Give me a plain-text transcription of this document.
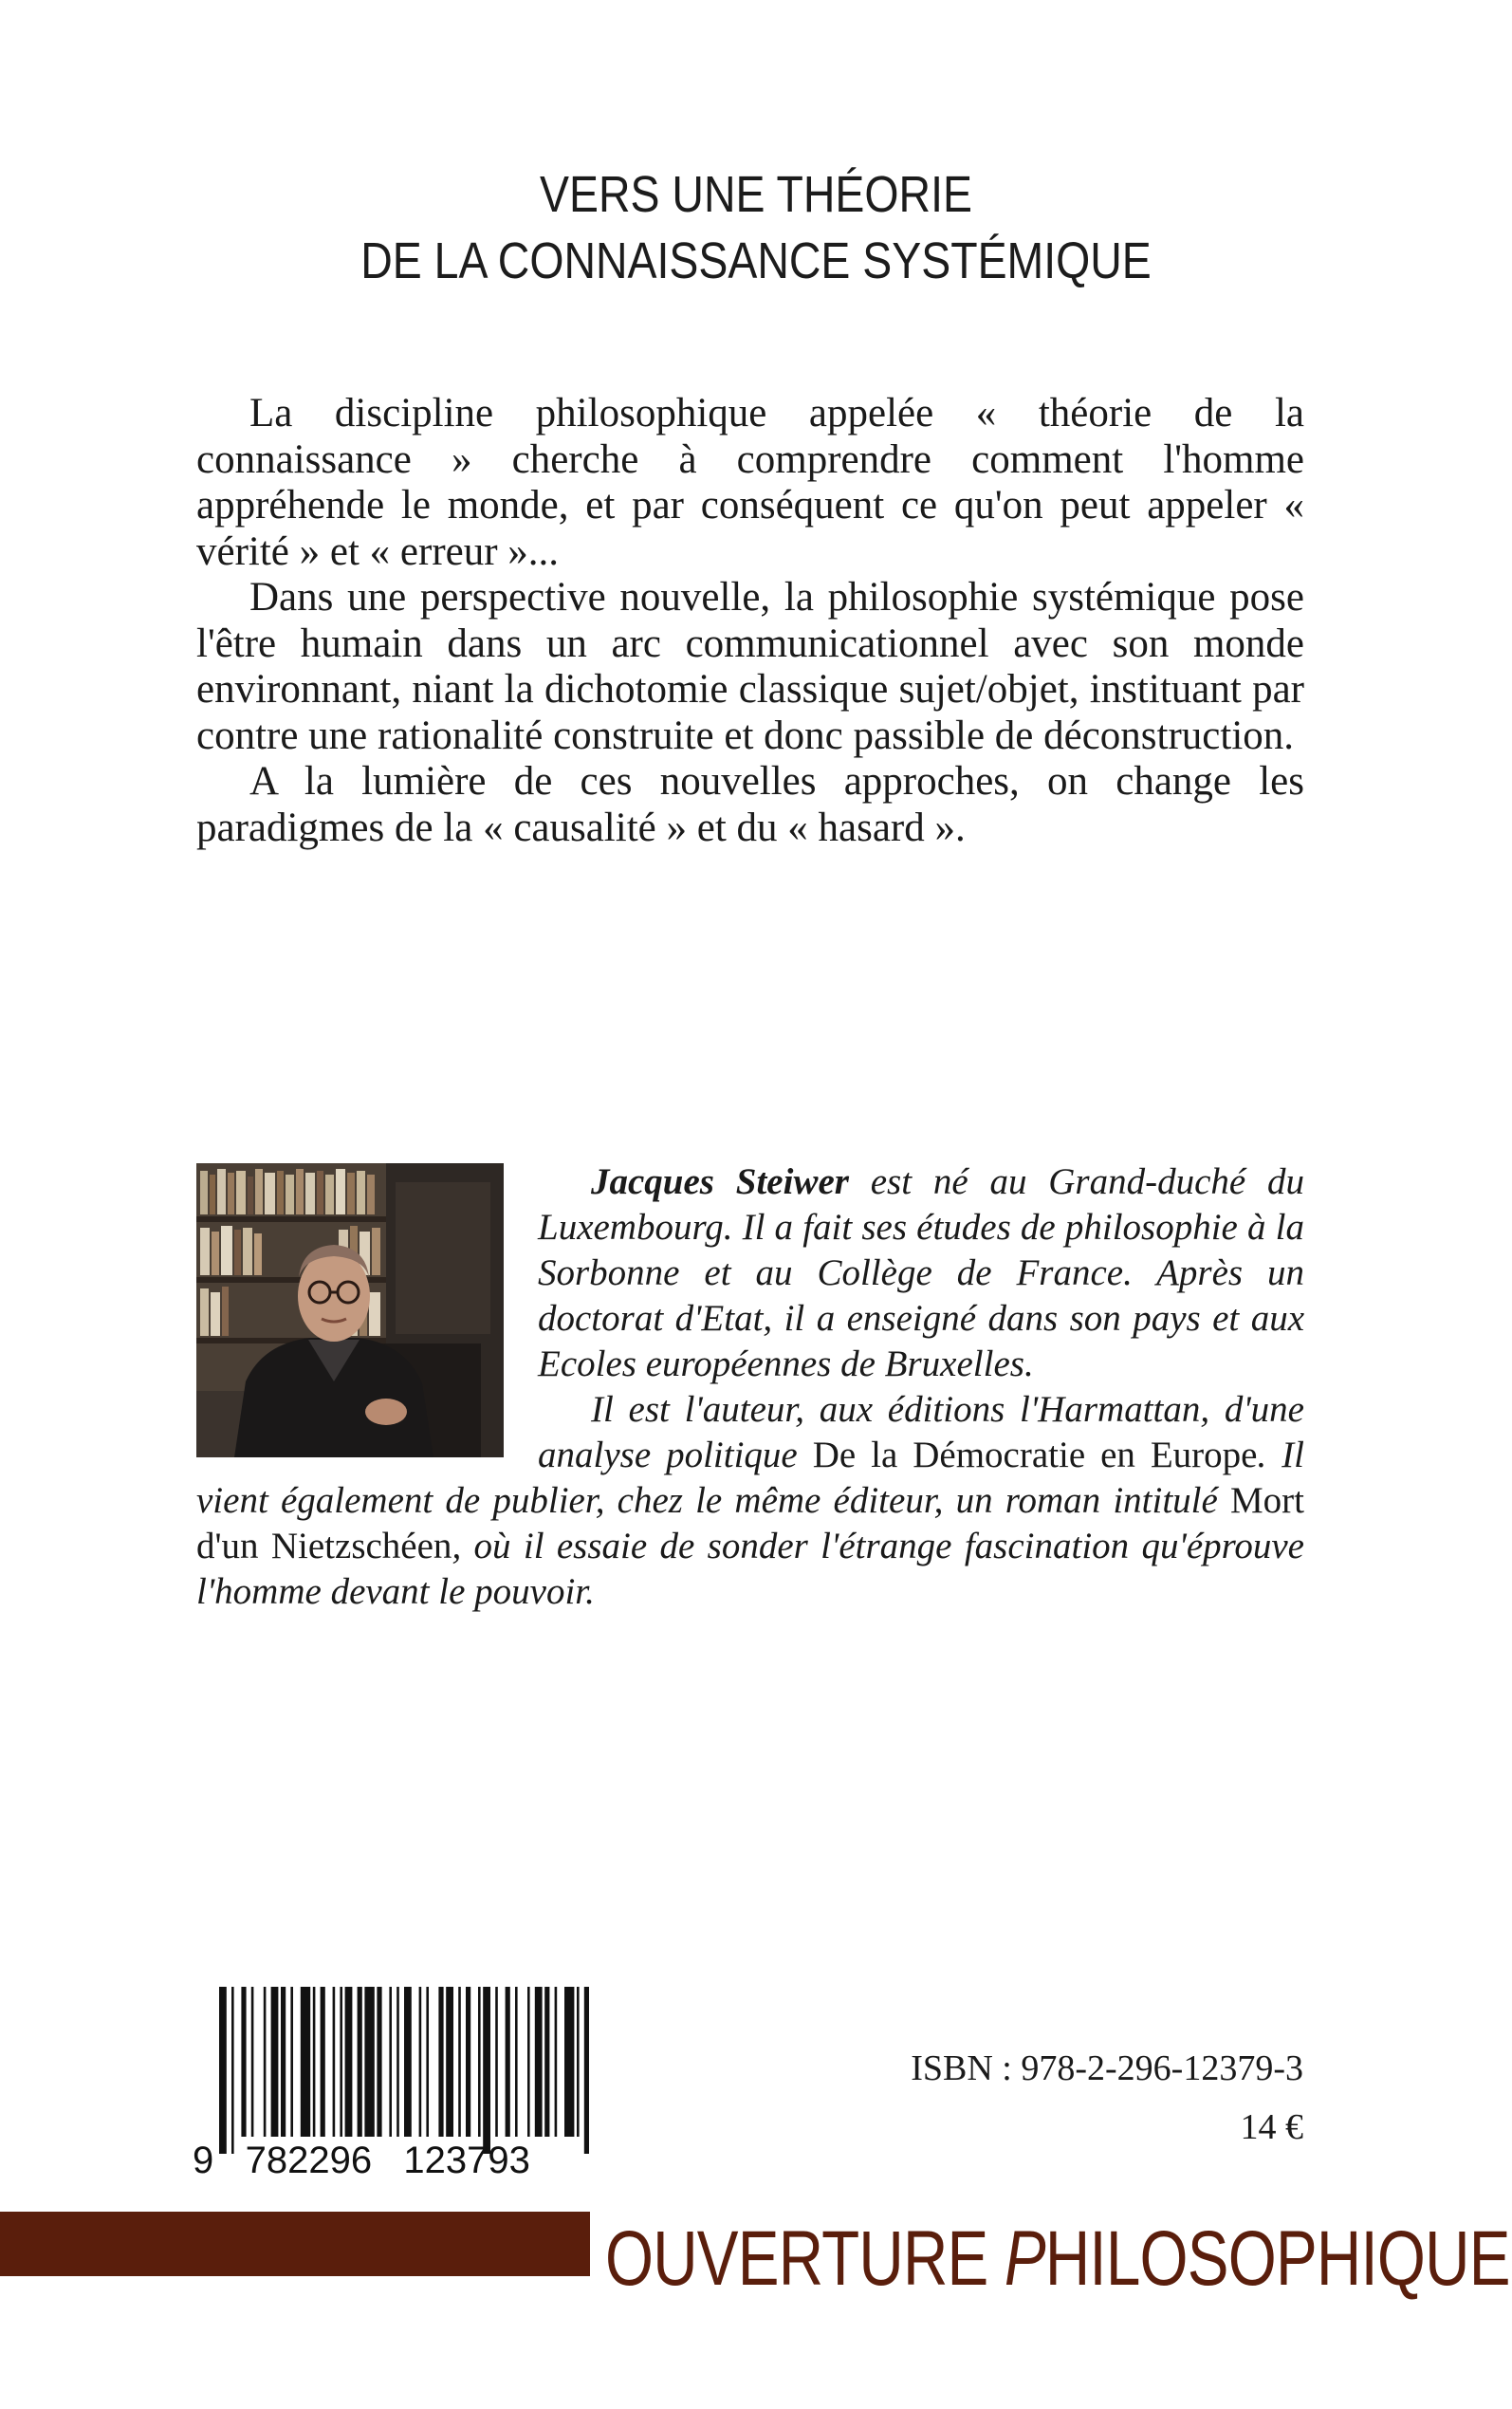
VERS UNE THÉORIE
DE LA CONNAISSANCE SYSTÉMIQUE

La discipline philosophique appelée « théorie de la connaissance » cherche à comprendre comment l'homme appréhende le monde, et par conséquent ce qu'on peut appeler « vérité » et « erreur »...

Dans une perspective nouvelle, la philosophie systémique pose l'être humain dans un arc communicationnel avec son monde environnant, niant la dichotomie classique sujet/objet, instituant par contre une rationalité construite et donc passible de déconstruction.

A la lumière de ces nouvelles approches, on change les paradigmes de la « causalité » et du « hasard ».

Jacques Steiwer est né au Grand-duché du Luxembourg. Il a fait ses études de philosophie à la Sorbonne et au Collège de France. Après un doctorat d'Etat, il a enseigné dans son pays et aux Ecoles européennes de Bruxelles.

Il est l'auteur, aux éditions l'Harmattan, d'une analyse politique De la Démocratie en Europe. Il vient également de publier, chez le même éditeur, un roman intitulé Mort d'un Nietzschéen, où il essaie de sonder l'étrange fascination qu'éprouve l'homme devant le pouvoir.

9   782296   123793
ISBN : 978-2-296-12379-3
14 €
OUVERTURE PHILOSOPHIQUE
